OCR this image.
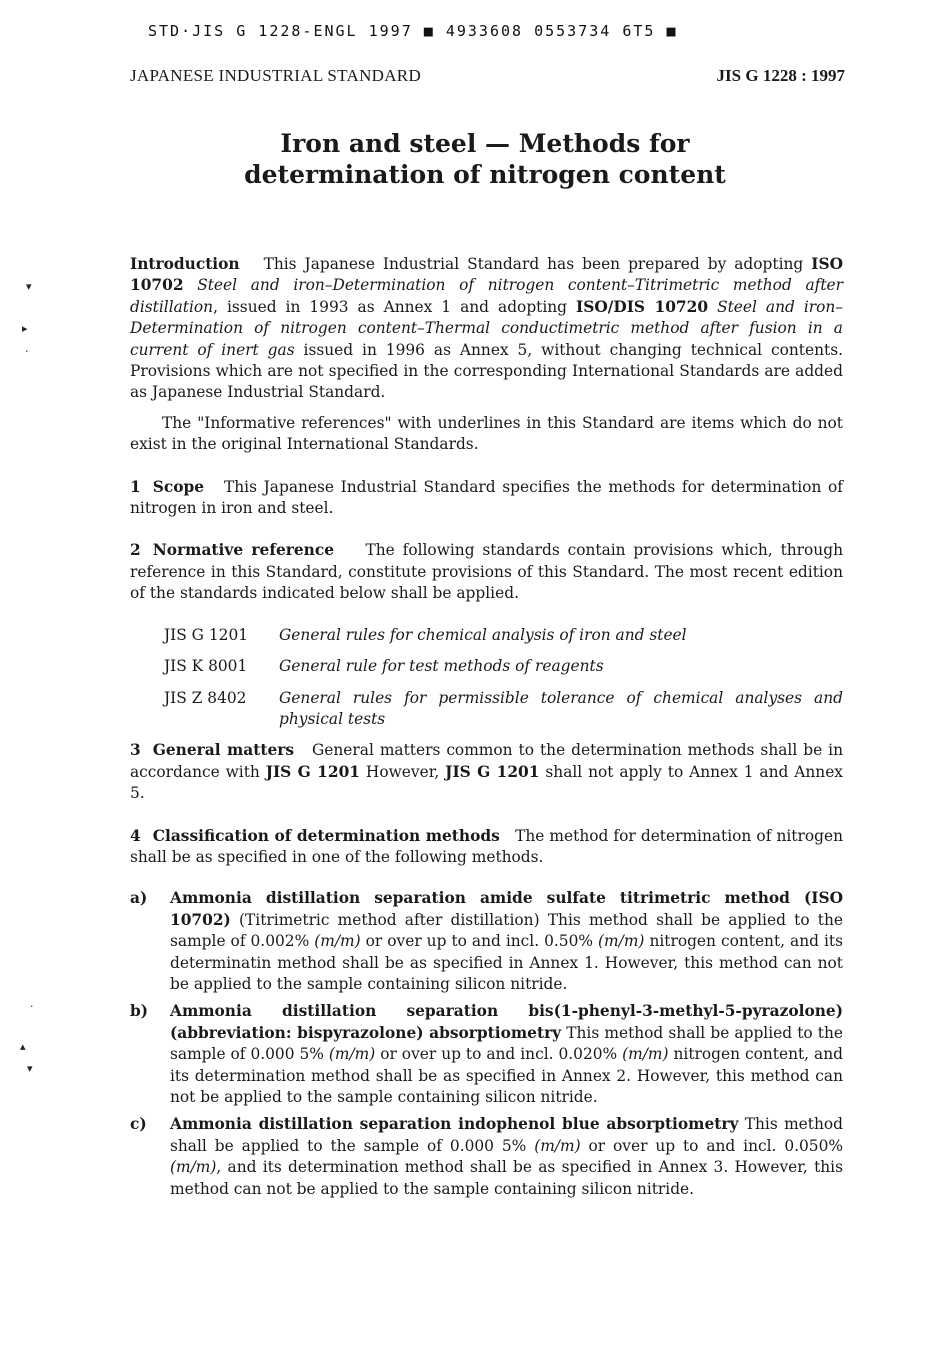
STD·JIS G 1228-ENGL 1997 ■ 4933608 0553734 6T5 ■
JAPANESE INDUSTRIAL STANDARD	JIS G 1228 : 1997
Iron and steel — Methods for
determination of nitrogen content
▾
▸
·
·
▴
▾

Introduction This Japanese Industrial Standard has been prepared by adopting ISO 10702 Steel and iron–Determination of nitrogen content–Titrimetric method after distillation, issued in 1993 as Annex 1 and adopting ISO/DIS 10720 Steel and iron–Determination of nitrogen content–Thermal conductimetric method after fusion in a current of inert gas issued in 1996 as Annex 5, without changing technical contents. Provisions which are not specified in the corresponding International Standards are added as Japanese Industrial Standard.

The "Informative references" with underlines in this Standard are items which do not exist in the original International Standards.

1 Scope This Japanese Industrial Standard specifies the methods for determination of nitrogen in iron and steel.

2 Normative reference The following standards contain provisions which, through reference in this Standard, constitute provisions of this Standard. The most recent edition of the standards indicated below shall be applied.

JIS G 1201	General rules for chemical analysis of iron and steel
JIS K 8001	General rule for test methods of reagents
JIS Z 8402	General rules for permissible tolerance of chemical analyses and physical tests

3 General matters General matters common to the determination methods shall be in accordance with JIS G 1201 However, JIS G 1201 shall not apply to Annex 1 and Annex 5.

4 Classification of determination methods The method for determination of nitrogen shall be as specified in one of the following methods.

a)	Ammonia distillation separation amide sulfate titrimetric method (ISO 10702) (Titrimetric method after distillation) This method shall be applied to the sample of 0.002% (m/m) or over up to and incl. 0.50% (m/m) nitrogen content, and its determinatin method shall be as specified in Annex 1. However, this method can not be applied to the sample containing silicon nitride.
b)	Ammonia distillation separation bis(1-phenyl-3-methyl-5-pyrazolone) (abbreviation: bispyrazolone) absorptiometry This method shall be applied to the sample of 0.000 5% (m/m) or over up to and incl. 0.020% (m/m) nitrogen content, and its determination method shall be as specified in Annex 2. However, this method can not be applied to the sample containing silicon nitride.
c)	Ammonia distillation separation indophenol blue absorptiometry This method shall be applied to the sample of 0.000 5% (m/m) or over up to and incl. 0.050% (m/m), and its determination method shall be as specified in Annex 3. However, this method can not be applied to the sample containing silicon nitride.
